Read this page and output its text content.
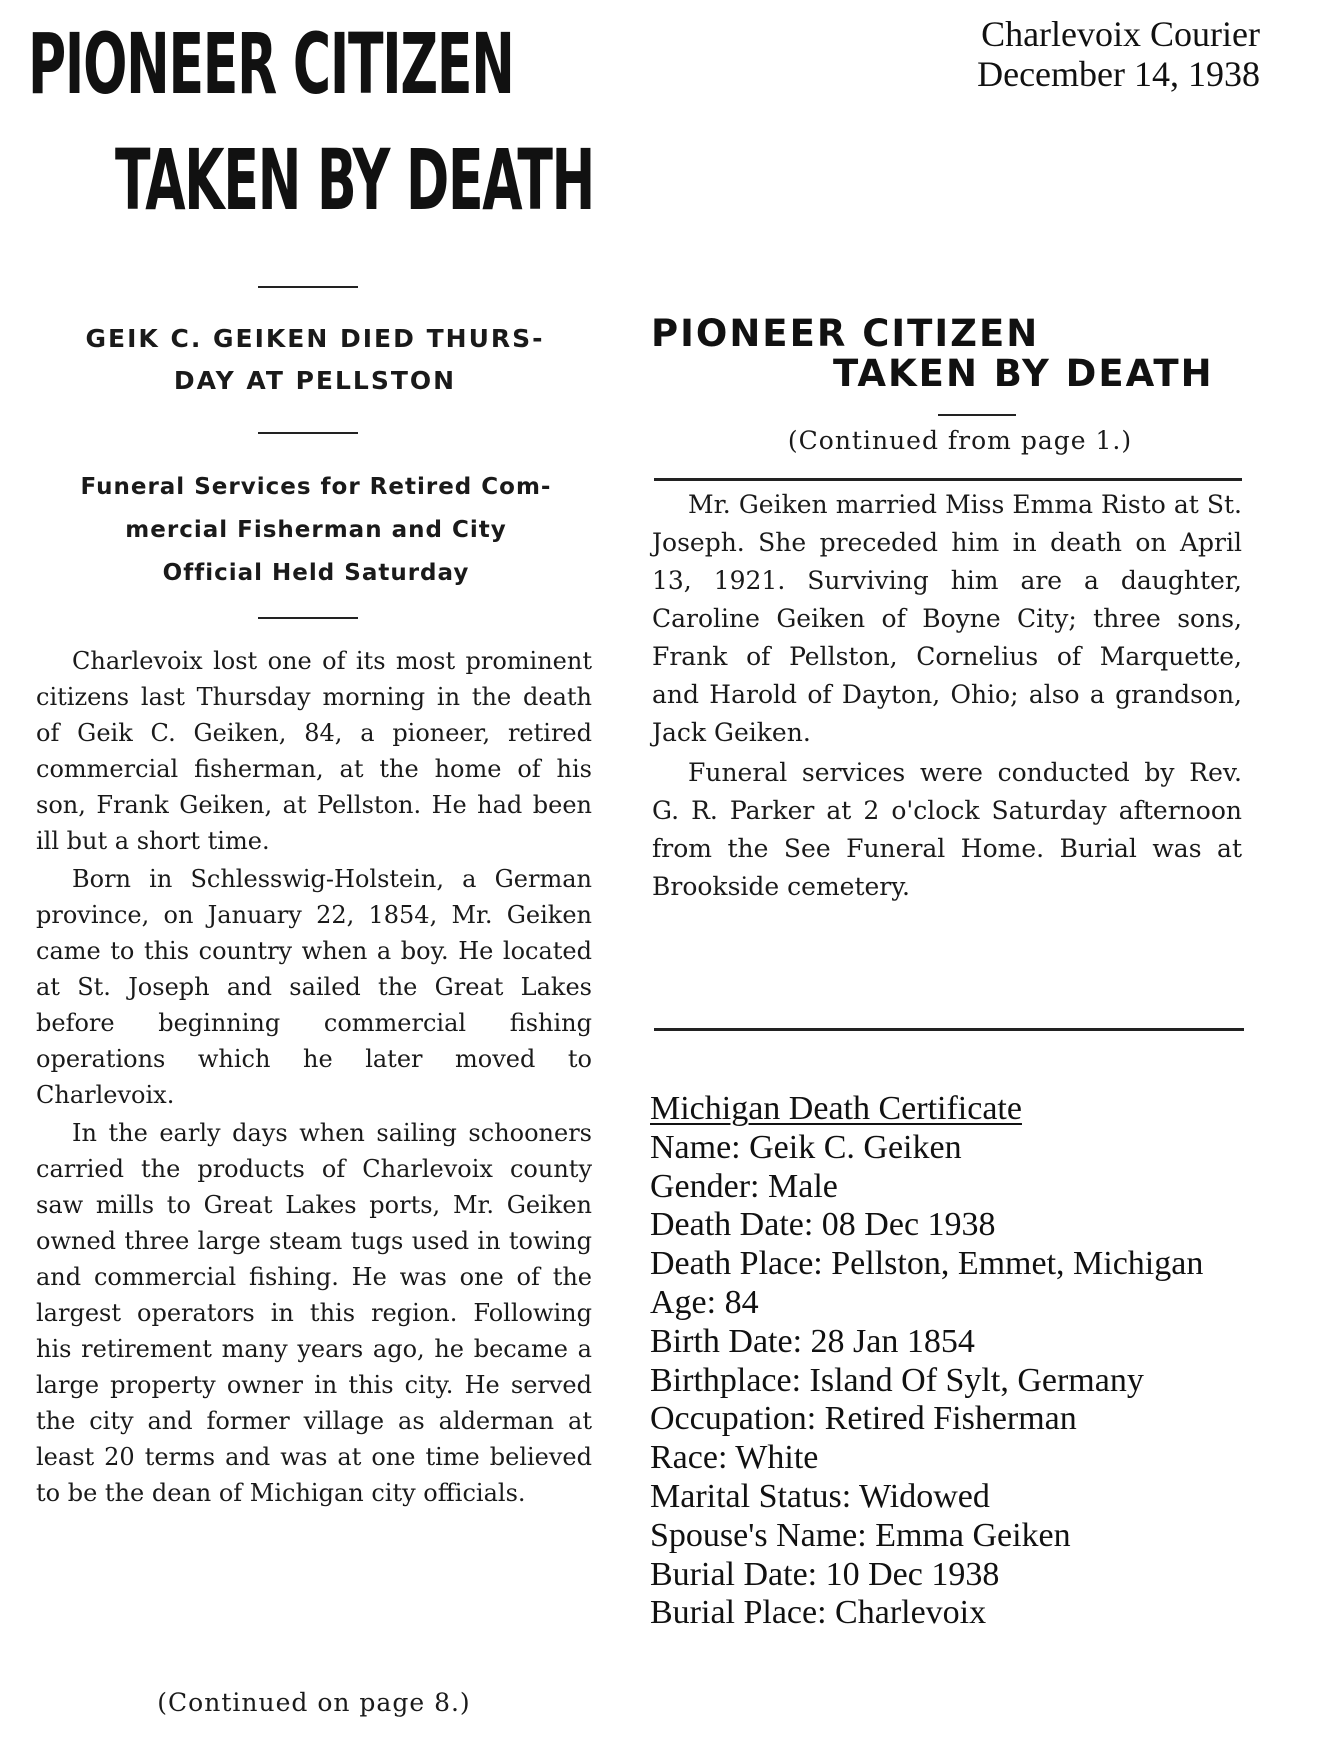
Charlevoix Courier
December 14, 1938
PIONEER CITIZEN
TAKEN BY DEATH
GEIK C. GEIKEN DIED THURS-
DAY AT PELLSTON
Funeral Services for Retired Com-
mercial Fisherman and City
Official Held Saturday

Charlevoix lost one of its most prominent citizens last Thursday morning in the death of Geik C. Geiken, 84, a pioneer, retired commercial fisherman, at the home of his son, Frank Geiken, at Pellston. He had been ill but a short time.

Born in Schlesswig-Holstein, a German province, on January 22, 1854, Mr. Geiken came to this country when a boy. He located at St. Joseph and sailed the Great Lakes before beginning commercial fishing operations which he later moved to Charlevoix.

In the early days when sailing schooners carried the products of Charlevoix county saw mills to Great Lakes ports, Mr. Geiken owned three large steam tugs used in towing and commercial fishing. He was one of the largest operators in this region. Following his retirement many years ago, he became a large property owner in this city. He served the city and former village as alderman at least 20 terms and was at one time believed to be the dean of Michigan city officials.

(Continued on page 8.)
PIONEER CITIZEN
TAKEN BY DEATH
(Continued from page 1.)

Mr. Geiken married Miss Emma Risto at St. Joseph. She preceded him in death on April 13, 1921. Surviving him are a daughter, Caroline Geiken of Boyne City; three sons, Frank of Pellston, Cornelius of Marquette, and Harold of Dayton, Ohio; also a grandson, Jack Geiken.

Funeral services were conducted by Rev. G. R. Parker at 2 o'clock Saturday afternoon from the See Funeral Home. Burial was at Brookside cemetery.

Michigan Death Certificate
Name: Geik C. Geiken
Gender: Male
Death Date: 08 Dec 1938
Death Place: Pellston, Emmet, Michigan
Age: 84
Birth Date: 28 Jan 1854
Birthplace: Island Of Sylt, Germany
Occupation: Retired Fisherman
Race: White
Marital Status: Widowed
Spouse's Name: Emma Geiken
Burial Date: 10 Dec 1938
Burial Place: Charlevoix
